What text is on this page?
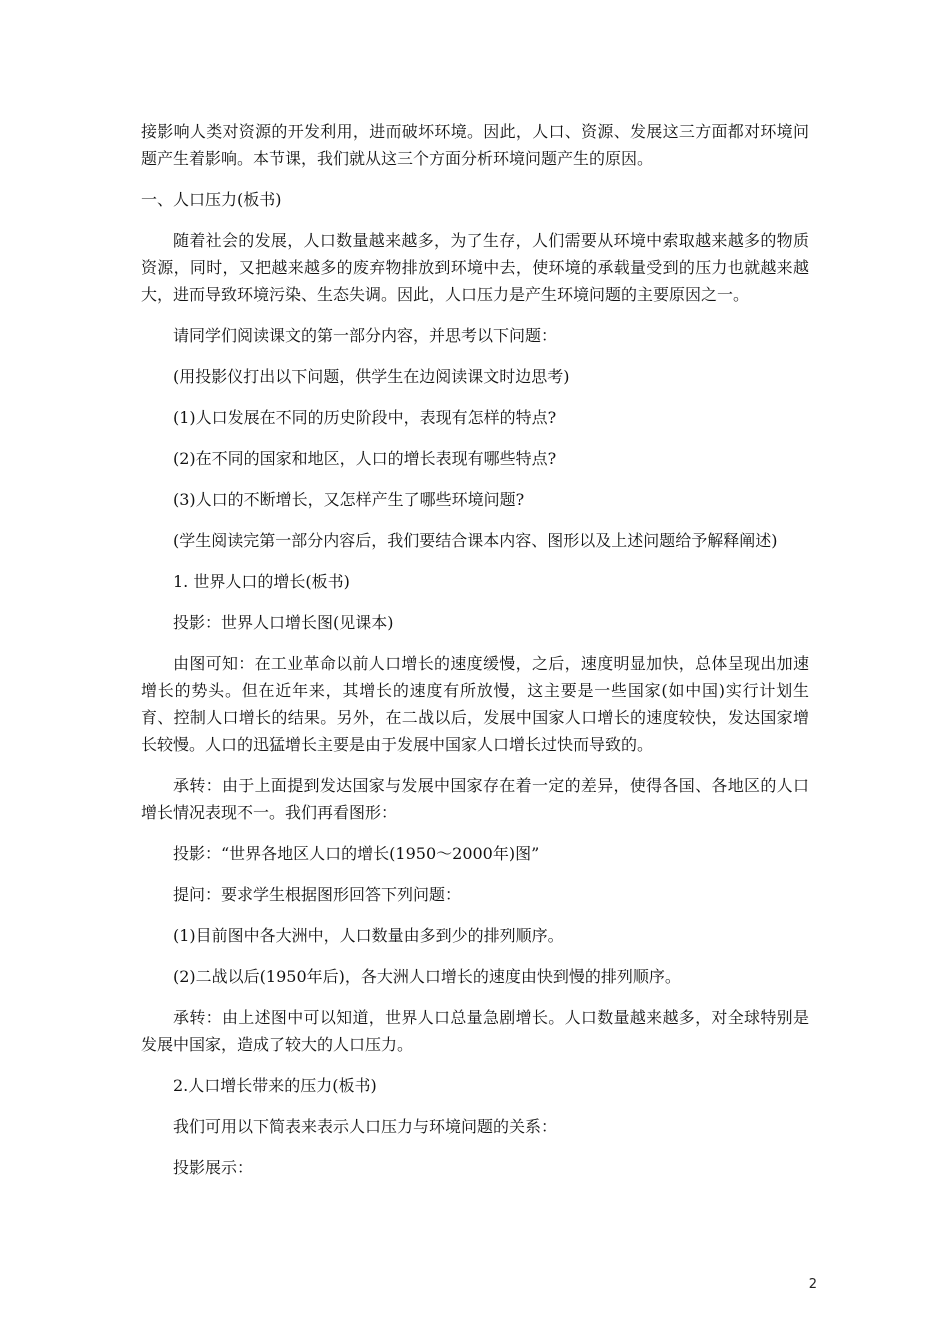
接影响人类对资源的开发利用，进而破坏环境。因此，人口、资源、发展这三方面都对环境问题产生着影响。本节课，我们就从这三个方面分析环境问题产生的原因。

一、人口压力(板书)

随着社会的发展，人口数量越来越多，为了生存，人们需要从环境中索取越来越多的物质资源，同时，又把越来越多的废弃物排放到环境中去，使环境的承载量受到的压力也就越来越大，进而导致环境污染、生态失调。因此，人口压力是产生环境问题的主要原因之一。

请同学们阅读课文的第一部分内容，并思考以下问题：

(用投影仪打出以下问题，供学生在边阅读课文时边思考)

(1)人口发展在不同的历史阶段中，表现有怎样的特点?

(2)在不同的国家和地区，人口的增长表现有哪些特点?

(3)人口的不断增长，又怎样产生了哪些环境问题?

(学生阅读完第一部分内容后，我们要结合课本内容、图形以及上述问题给予解释阐述)

1. 世界人口的增长(板书)

投影：世界人口增长图(见课本)

由图可知：在工业革命以前人口增长的速度缓慢，之后，速度明显加快，总体呈现出加速增长的势头。但在近年来，其增长的速度有所放慢，这主要是一些国家(如中国)实行计划生育、控制人口增长的结果。另外，在二战以后，发展中国家人口增长的速度较快，发达国家增长较慢。人口的迅猛增长主要是由于发展中国家人口增长过快而导致的。

承转：由于上面提到发达国家与发展中国家存在着一定的差异，使得各国、各地区的人口增长情况表现不一。我们再看图形：

投影：“世界各地区人口的增长(1950～2000年)图”

提问：要求学生根据图形回答下列问题：

(1)目前图中各大洲中，人口数量由多到少的排列顺序。

(2)二战以后(1950年后)，各大洲人口增长的速度由快到慢的排列顺序。

承转：由上述图中可以知道，世界人口总量急剧增长。人口数量越来越多，对全球特别是发展中国家，造成了较大的人口压力。

2.人口增长带来的压力(板书)

我们可用以下简表来表示人口压力与环境问题的关系：

投影展示：

2
